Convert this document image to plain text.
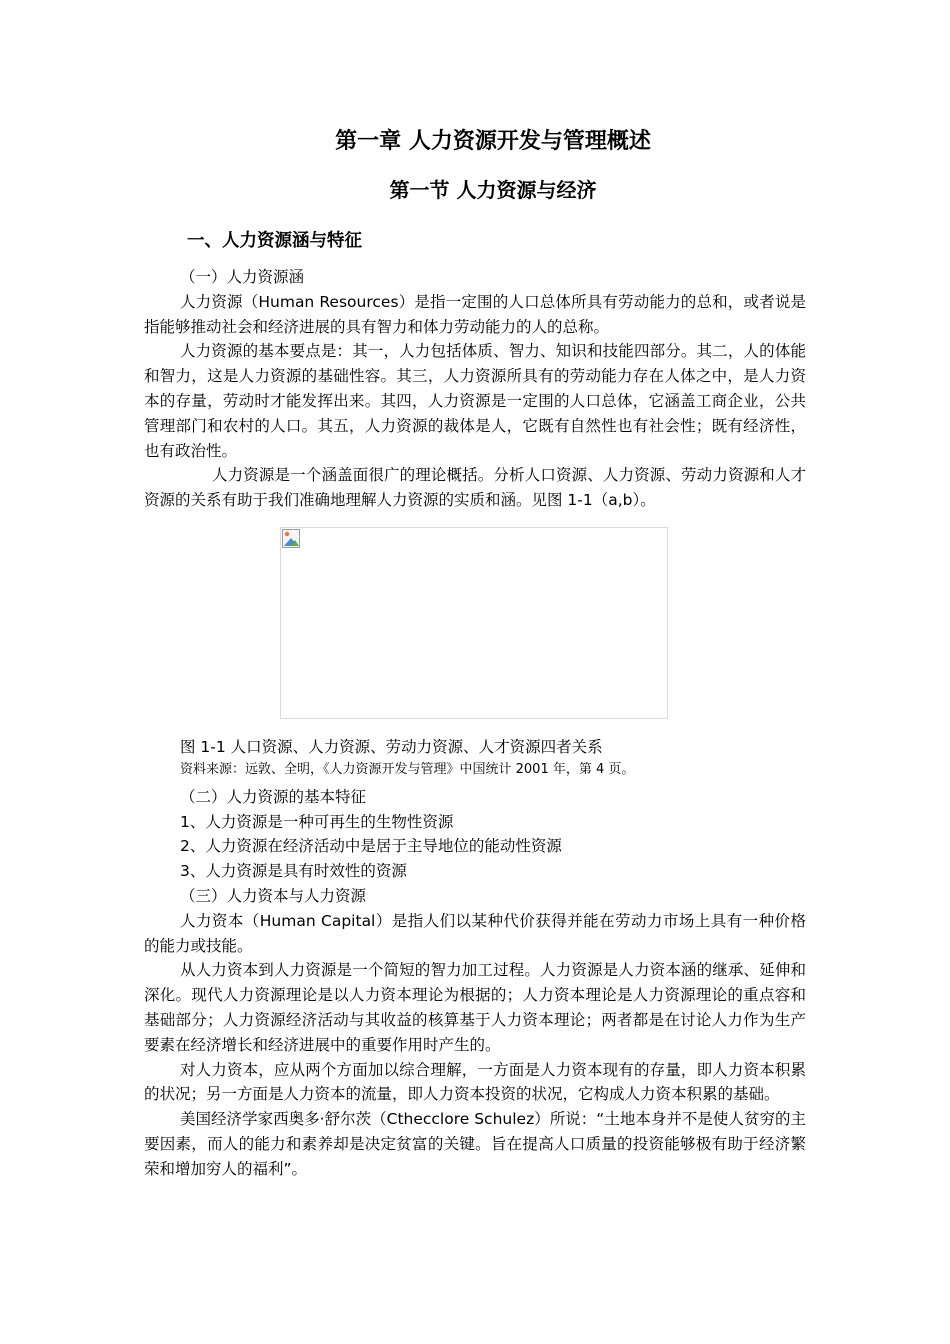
第一章 人力资源开发与管理概述
第一节 人力资源与经济
一、人力资源涵与特征

（一）人力资源涵

人力资源（Human Resources）是指一定围的人口总体所具有劳动能力的总和，或者说是指能够推动社会和经济进展的具有智力和体力劳动能力的人的总称。

人力资源的基本要点是：其一，人力包括体质、智力、知识和技能四部分。其二，人的体能和智力，这是人力资源的基础性容。其三，人力资源所具有的劳动能力存在人体之中，是人力资本的存量，劳动时才能发挥出来。其四，人力资源是一定围的人口总体，它涵盖工商企业，公共管理部门和农村的人口。其五，人力资源的裁体是人，它既有自然性也有社会性；既有经济性，也有政治性。

人力资源是一个涵盖面很广的理论概括。分析人口资源、人力资源、劳动力资源和人才资源的关系有助于我们准确地理解人力资源的实质和涵。见图 1-1（a,b）。

图 1-1 人口资源、人力资源、劳动力资源、人才资源四者关系

资料来源：远敦、全明，《人力资源开发与管理》中国统计 2001 年，第 4 页。

（二）人力资源的基本特征

1、人力资源是一种可再生的生物性资源

2、人力资源在经济活动中是居于主导地位的能动性资源

3、人力资源是具有时效性的资源

（三）人力资本与人力资源

人力资本（Human Capital）是指人们以某种代价获得并能在劳动力市场上具有一种价格的能力或技能。

从人力资本到人力资源是一个简短的智力加工过程。人力资源是人力资本涵的继承、延伸和深化。现代人力资源理论是以人力资本理论为根据的；人力资本理论是人力资源理论的重点容和基础部分；人力资源经济活动与其收益的核算基于人力资本理论；两者都是在讨论人力作为生产要素在经济增长和经济进展中的重要作用时产生的。

对人力资本，应从两个方面加以综合理解，一方面是人力资本现有的存量，即人力资本积累的状况；另一方面是人力资本的流量，即人力资本投资的状况，它构成人力资本积累的基础。

美国经济学家西奥多·舒尔茨（Cthecclore Schulez）所说：“土地本身并不是使人贫穷的主要因素，而人的能力和素养却是决定贫富的关键。旨在提高人口质量的投资能够极有助于经济繁荣和增加穷人的福利”。
